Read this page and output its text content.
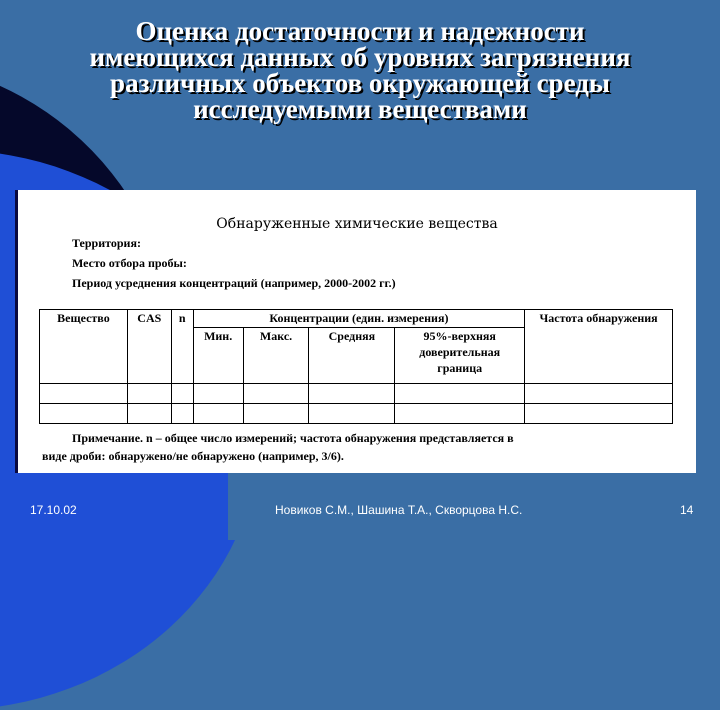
Оценка достаточности и надежности
имеющихся данных об уровнях загрязнения
различных объектов окружающей среды
исследуемыми веществами
Обнаруженные химические вещества
Территория:
Место отбора пробы:
Период усреднения концентраций (например, 2000-2002 гг.)
Вещество	CAS	n	Концентрации (един. измерения)				Частота обнаружения
			Мин.	Макс.	Средняя	95%-верхняя доверительная граница	

Примечание. n – общее число измерений; частота обнаружения представляется в
виде дроби: обнаружено/не обнаружено (например, 3/6).
17.10.02	Новиков С.М., Шашина Т.А., Скворцова Н.С.	14
